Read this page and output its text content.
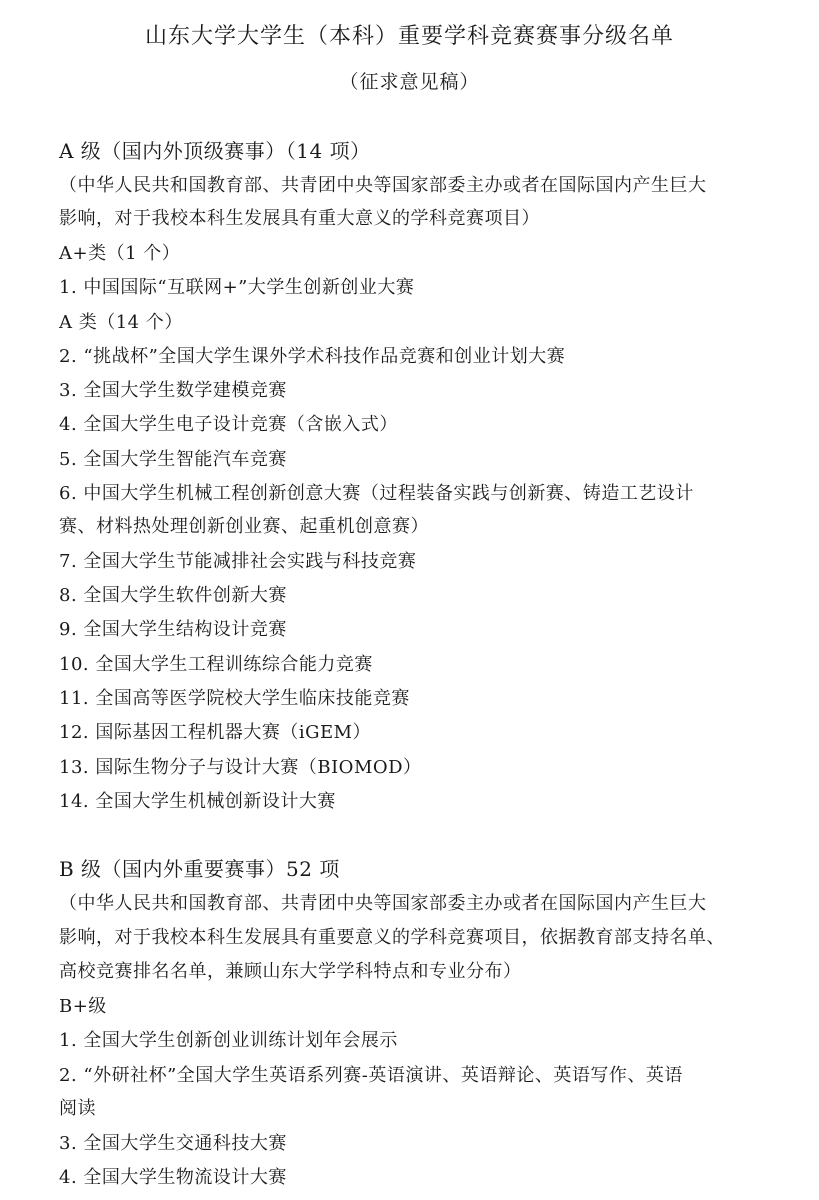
山东大学大学生（本科）重要学科竞赛赛事分级名单
（征求意见稿）
A 级（国内外顶级赛事）（14 项）
（中华人民共和国教育部、共青团中央等国家部委主办或者在国际国内产生巨大
影响，对于我校本科生发展具有重大意义的学科竞赛项目）
A+类（1 个）
1. 中国国际“互联网+”大学生创新创业大赛
A 类（14 个）
2. “挑战杯”全国大学生课外学术科技作品竞赛和创业计划大赛
3. 全国大学生数学建模竞赛
4. 全国大学生电子设计竞赛（含嵌入式）
5. 全国大学生智能汽车竞赛
6. 中国大学生机械工程创新创意大赛（过程装备实践与创新赛、铸造工艺设计
赛、材料热处理创新创业赛、起重机创意赛）
7. 全国大学生节能减排社会实践与科技竞赛
8. 全国大学生软件创新大赛
9. 全国大学生结构设计竞赛
10. 全国大学生工程训练综合能力竞赛
11. 全国高等医学院校大学生临床技能竞赛
12. 国际基因工程机器大赛（iGEM）
13. 国际生物分子与设计大赛（BIOMOD）
14. 全国大学生机械创新设计大赛
B 级（国内外重要赛事）52 项
（中华人民共和国教育部、共青团中央等国家部委主办或者在国际国内产生巨大
影响，对于我校本科生发展具有重要意义的学科竞赛项目，依据教育部支持名单、
高校竞赛排名名单，兼顾山东大学学科特点和专业分布）
B+级
1. 全国大学生创新创业训练计划年会展示
2. “外研社杯”全国大学生英语系列赛-英语演讲、英语辩论、英语写作、英语
阅读
3. 全国大学生交通科技大赛
4. 全国大学生物流设计大赛
